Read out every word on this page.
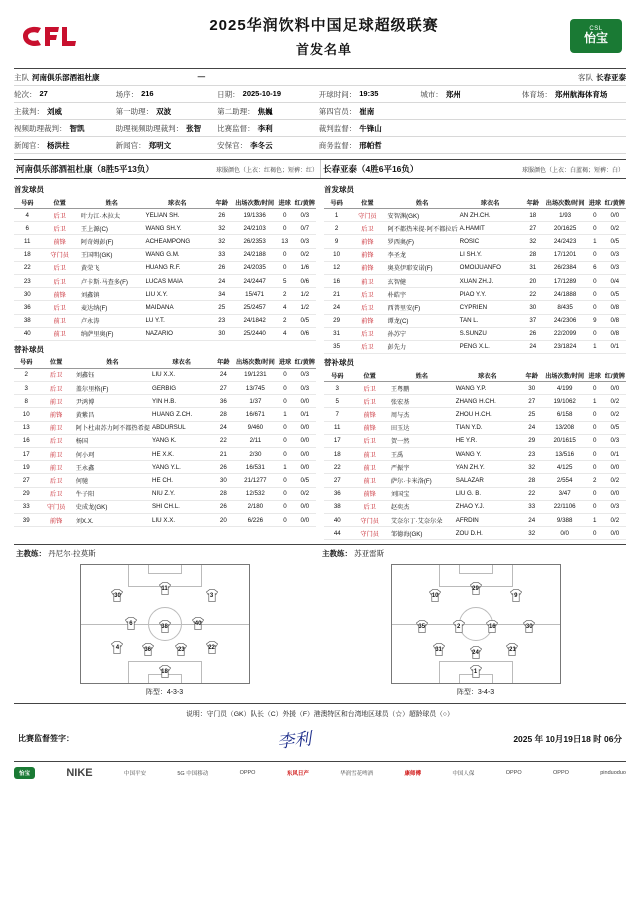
2025华润饮料中国足球超级联赛
首发名单
CSL
怡宝
主队 河南俱乐部酒祖杜康	—	客队 长春亚泰
轮次： 27	场序： 216	日期： 2025-10-19	开球时间： 19:35	城市： 郑州	体育场： 郑州航海体育场
主裁判： 刘威	第一助理： 双波	第二助理： 焦巍	第四官员： 崔南
视频助理裁判： 智凯	助理视频助理裁判： 张智 比赛监督： 李利	裁判监督： 牛锋山
新闻官： 杨洪柱	新闻官： 郑明文	安保官： 李冬云	商务监督： 邢帕哲
河南俱乐部酒祖杜康（8胜5平13负）	球服颜色（上衣：红褐色；短裤：红） 长春亚泰（4胜6平16负）	球服颜色（上衣：白蓝褐；短裤：白）
首发球员
号码	位置	姓名	球衣名	年龄	出场次数/时间	进球	红/黄牌
4	后卫	叶力江·木拉太	YELIAN SH.	26	19/1336	0	0/3
6	后卫	王上源(C)	WANG SH.Y.	32	24/2103	0	0/7
11	前锋	阿奇姆彭(F)	ACHEAMPONG	32	26/2353	13	0/3
18	守门员	王国明(GK)	WANG G.M.	33	24/2188	0	0/2
22	后卫	黄荣飞	HUANG R.F.	26	24/2035	0	1/6
23	后卫	卢卡斯·马查多(F)	LUCAS MAIA	24	24/2447	5	0/6
30	前锋	刘鑫镇	LIU X.Y.	34	15/471	2	1/2
36	后卫	麦达纳(F)	MAIDANA	25	25/2457	4	1/2
38	前卫	卢永涛	LU Y.T.	23	24/1842	2	0/5
40	前卫	纳萨里奥(F)	NAZARIO	30	25/2440	4	0/6
替补球员
号码	位置	姓名	球衣名	年龄	出场次数/时间	进球	红/黄牌
2	后卫	刘鑫钰	LIU X.X.	24	19/1231	0	0/3
3	后卫	盖尔里格(F)	GERBIG	27	13/745	0	0/3
8	前卫	尹鸿博	YIN H.B.	36	1/37	0	0/0
10	前锋	黄紫昌	HUANG Z.CH.	28	16/671	1	0/1
13	前卫	阿卜杜肃苏力阿不都热希提	ABDURSUL	24	9/460	0	0/0
16	后卫	杨国	YANG K.	22	2/11	0	0/0
17	前卫	何小珂	HE X.K.	21	2/30	0	0/0
19	前卫	王永鑫	YANG Y.L.	26	16/531	1	0/0
27	后卫	何驰	HE CH.	30	21/1277	0	0/5
29	后卫	牛子阳	NIU Z.Y.	28	12/532	0	0/2
33	守门员	史成龙(GK)	SHI CH.L.	26	2/180	0	0/0
39	前锋	刘X.X.	LIU X.X.	20	6/226	0	0/0
首发球员
号码	位置	姓名	球衣名	年龄	出场次数/时间	进球	红/黄牌
1	守门员	安智渊(GK)	AN ZH.CH.	18	1/93	0	0/0
2	后卫	阿不都热米提·阿不都拉后	A.HAMIT	27	20/1625	0	0/2
9	前锋	罗西奥(F)	ROSIC	32	24/2423	1	0/5
10	前锋	李圣龙	LI SH.Y.	28	17/1201	0	0/3
12	前锋	奥莫伊耶安诺(F)	OMOIJUANFO	31	26/2384	6	0/3
16	前卫	玄智健	XUAN ZH.J.	20	17/1289	0	0/4
21	后卫	朴皓宇	PIAO Y.Y.	22	24/1888	0	0/5
24	后卫	西普里安(F)	CYPRIEN	30	8/435	0	0/8
29	前锋	谭龙(C)	TAN L.	37	24/2306	9	0/8
31	后卫	孙苏宁	S.SUNZU	26	22/2099	0	0/8
35	后卫	彭先力	PENG X.L.	24	23/1824	1	0/1
替补球员
号码	位置	姓名	球衣名	年龄	出场次数/时间	进球	红/黄牌
3	后卫	王粤鹏	WANG Y.P.	30	4/199	0	0/0
5	后卫	张宏基	ZHANG H.CH.	27	19/1062	1	0/2
7	前锋	周与杰	ZHOU H.CH.	25	6/158	0	0/2
11	前锋	田玉达	TIAN Y.D.	24	13/208	0	0/5
17	后卫	贺一然	HE Y.R.	29	20/1615	0	0/3
18	前卫	王禹	WANG Y.	23	13/516	0	0/1
22	前卫	严振宇	YAN ZH.Y.	32	4/125	0	0/0
27	前卫	萨尔·卡米洛(F)	SALAZAR	28	2/554	2	0/2
36	前锋	刘国宝	LIU G. B.	22	3/47	0	0/0
38	后卫	赵奕杰	ZHAO Y.J.	33	22/1106	0	0/3
40	守门员	艾奈尔丁·艾奈尔朵	AFRDIN	24	9/388	1	0/2
44	守门员	邹德海(GK)	ZOU D.H.	32	0/0	0	0/0
主教练： 丹尼尔·拉莫斯	主教练： 苏亚雷斯
18
4	36	23	22
6	38	40
30
11
3
阵型：4-3-3
1
31	24	21
35	2	16	30
10
29
9
阵型：3-4-3
说明：守门员（GK）队长（C）外援（F）港澳特区和台湾地区球员（☆）超龄球员（○）
比赛监督签字：	李利	2025 年 10月19日18 时 06分
怡宝	NIKE	中国平安	5G 中国移动	OPPO	东风日产	华润雪花啤酒	康师傅	中国人保	OPPO	OPPO	pinduoduo
